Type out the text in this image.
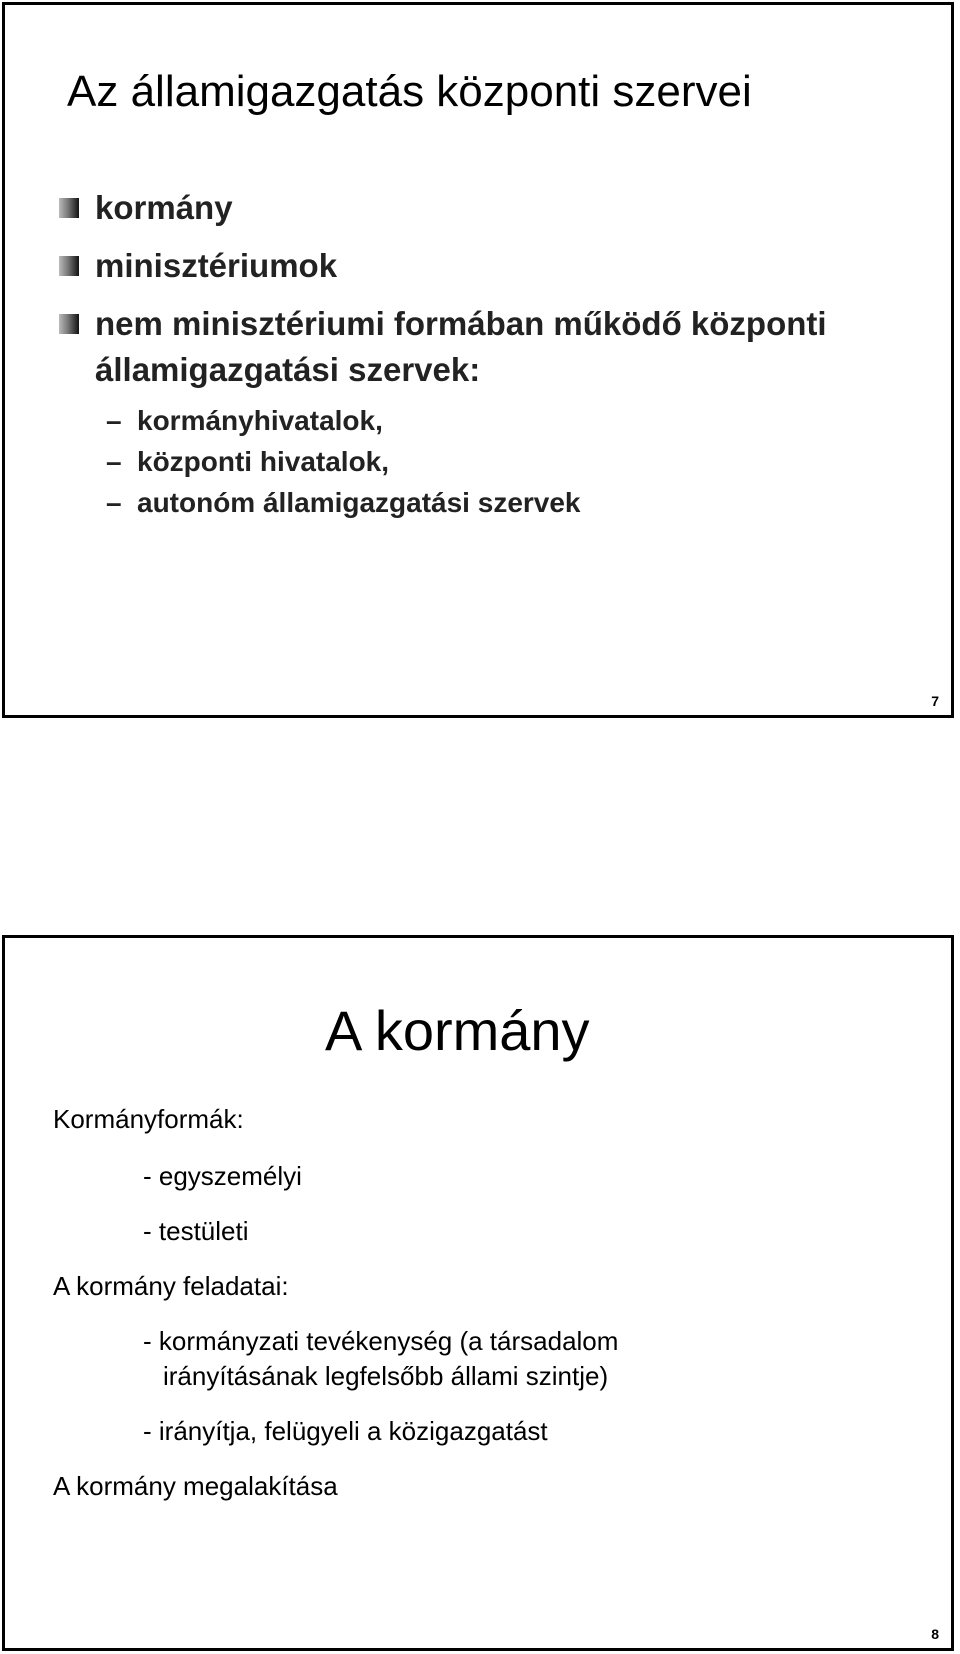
Az államigazgatás központi szervei
kormány
minisztériumok
nem minisztériumi formában működő központi államigazgatási szervek:
– kormányhivatalok,
– központi hivatalok,
– autonóm államigazgatási szervek
7
A kormány
Kormányformák:
- egyszemélyi
- testületi
A kormány feladatai:
- kormányzati tevékenység (a társadalom
irányításának legfelsőbb állami szintje)
- irányítja, felügyeli a közigazgatást
A kormány megalakítása
8
